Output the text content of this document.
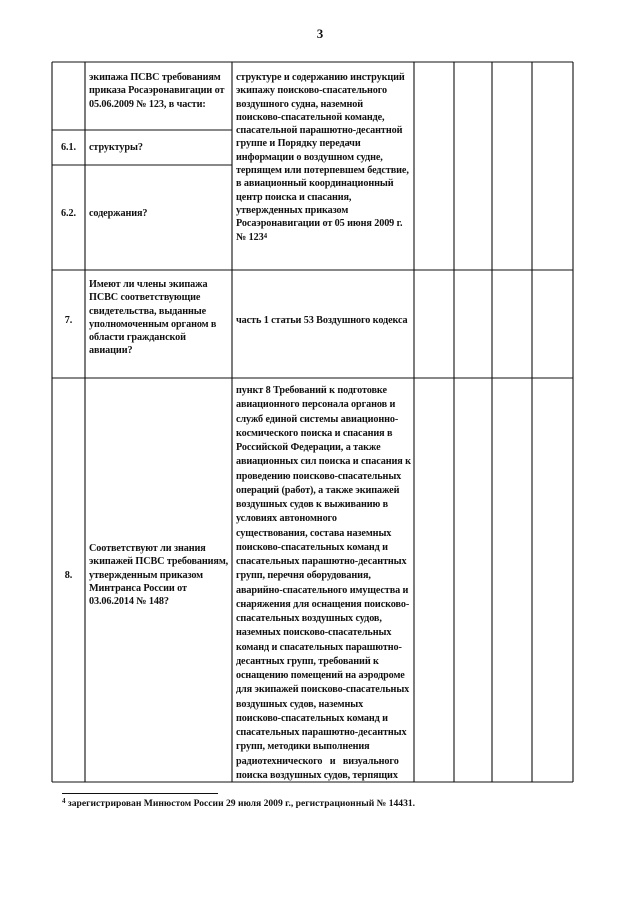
3
экипажа ПСВС требованиям
приказа Росаэронавигации от
05.06.2009 № 123, в части:
структуре и содержанию инструкций
экипажу поисково-спасательного
воздушного судна, наземной
поисково-спасательной команде,
спасательной парашютно-десантной
группе и Порядку передачи
информации о воздушном судне,
терпящем или потерпевшем бедствие,
в авиационный координационный
центр поиска и спасания,
утвержденных приказом
Росаэронавигации от 05 июня 2009 г.
№ $123^4$
6.1.	структуры?
6.2.	содержания?
7.
Имеют ли члены экипажа
ПСВС соответствующие
свидетельства, выданные
уполномоченным органом в
области гражданской
авиации?
часть 1 статьи 53 Воздушного кодекса
8.
Соответствуют ли знания
экипажей ПСВС требованиям,
утвержденным приказом
Минтранса России от
03.06.2014 № 148?
пункт 8 Требований к подготовке
авиационного персонала органов и
служб единой системы авиационно-
космического поиска и спасания в
Российской Федерации, а также
авиационных сил поиска и спасания к
проведению поисково-спасательных
операций (работ), а также экипажей
воздушных судов к выживанию в
условиях автономного
существования, состава наземных
поисково-спасательных команд и
спасательных парашютно-десантных
групп, перечня оборудования,
аварийно-спасательного имущества и
снаряжения для оснащения поисково-
спасательных воздушных судов,
наземных поисково-спасательных
команд и спасательных парашютно-
десантных групп, требований к
оснащению помещений на аэродроме
для экипажей поисково-спасательных
воздушных судов, наземных
поисково-спасательных команд и
спасательных парашютно-десантных
групп, методики выполнения
радиотехнического   и   визуального
поиска воздушных судов, терпящих
$^4$ зарегистрирован Минюстом России 29 июля 2009 г., регистрационный № 14431.
